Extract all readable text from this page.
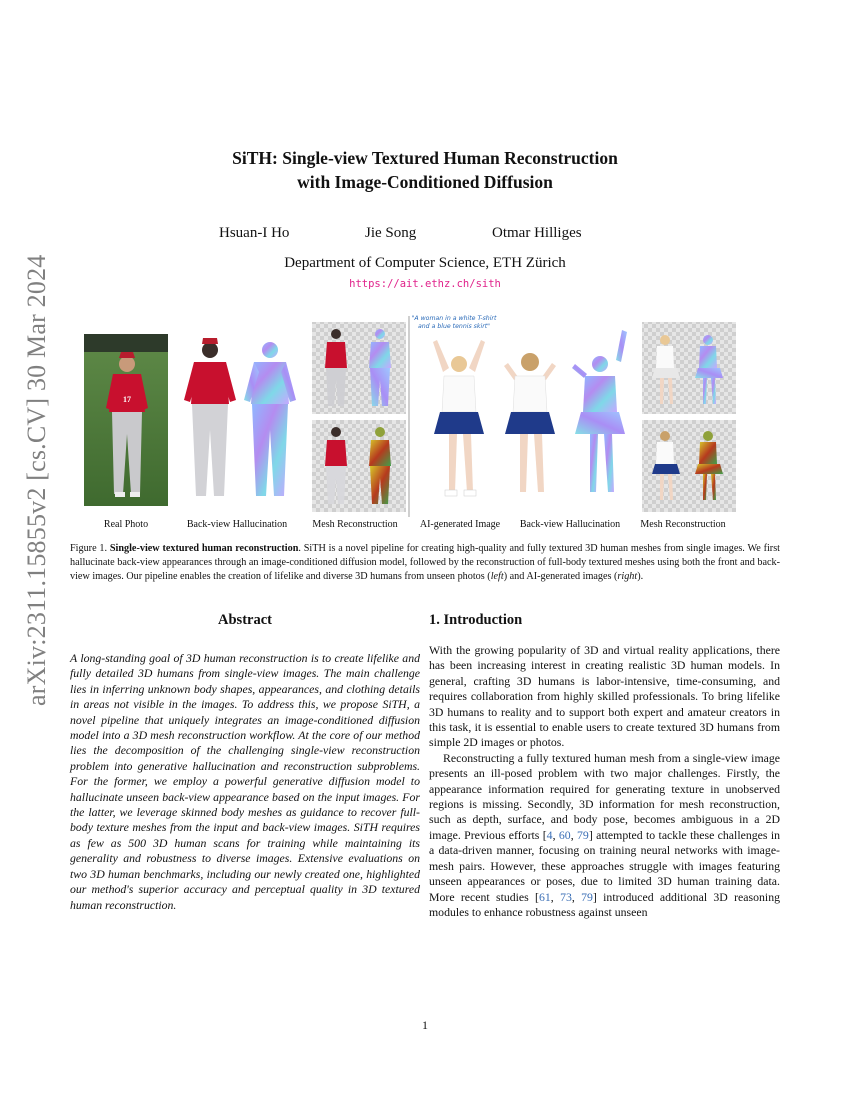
arXiv:2311.15855v2 [cs.CV] 30 Mar 2024
SiTH: Single-view Textured Human Reconstruction
with Image-Conditioned Diffusion
Hsuan-I Ho	Jie Song	Otmar Hilliges
Department of Computer Science, ETH Zürich
https://ait.ethz.ch/sith
17
"A woman in a white T-shirt
and a blue tennis skirt"
Real Photo	Back-view Hallucination	Mesh Reconstruction AI-generated Image Back-view Hallucination Mesh Reconstruction
Figure 1. Single-view textured human reconstruction. SiTH is a novel pipeline for creating high-quality and fully textured 3D human meshes from single images. We first hallucinate back-view appearances through an image-conditioned diffusion model, followed by the reconstruction of full-body textured meshes using both the front and back-view images. Our pipeline enables the creation of lifelike and diverse 3D humans from unseen photos (left) and AI-generated images (right).
Abstract

A long-standing goal of 3D human reconstruction is to create lifelike and fully detailed 3D humans from single-view images. The main challenge lies in inferring unknown body shapes, appearances, and clothing details in areas not visible in the images. To address this, we propose SiTH, a novel pipeline that uniquely integrates an image-conditioned diffusion model into a 3D mesh reconstruction workflow. At the core of our method lies the decomposition of the challenging single-view reconstruction problem into generative hallucination and reconstruction subproblems. For the former, we employ a powerful generative diffusion model to hallucinate unseen back-view appearance based on the input images. For the latter, we leverage skinned body meshes as guidance to recover full-body texture meshes from the input and back-view images. SiTH requires as few as 500 3D human scans for training while maintaining its generality and robustness to diverse images. Extensive evaluations on two 3D human benchmarks, including our newly created one, highlighted our method's superior accuracy and perceptual quality in 3D textured human reconstruction.

1. Introduction

With the growing popularity of 3D and virtual reality applications, there has been increasing interest in creating realistic 3D human models. In general, crafting 3D humans is labor-intensive, time-consuming, and requires collaboration from highly skilled professionals. To bring lifelike 3D humans to reality and to support both expert and amateur creators in this task, it is essential to enable users to create textured 3D humans from simple 2D images or photos.

Reconstructing a fully textured human mesh from a single-view image presents an ill-posed problem with two major challenges. Firstly, the appearance information required for generating texture in unobserved regions is missing. Secondly, 3D information for mesh reconstruction, such as depth, surface, and body pose, becomes ambiguous in a 2D image. Previous efforts [4, 60, 79] attempted to tackle these challenges in a data-driven manner, focusing on training neural networks with image-mesh pairs. However, these approaches struggle with images featuring unseen appearances or poses, due to limited 3D human training data. More recent studies [61, 73, 79] introduced additional 3D reasoning modules to enhance robustness against unseen

1
